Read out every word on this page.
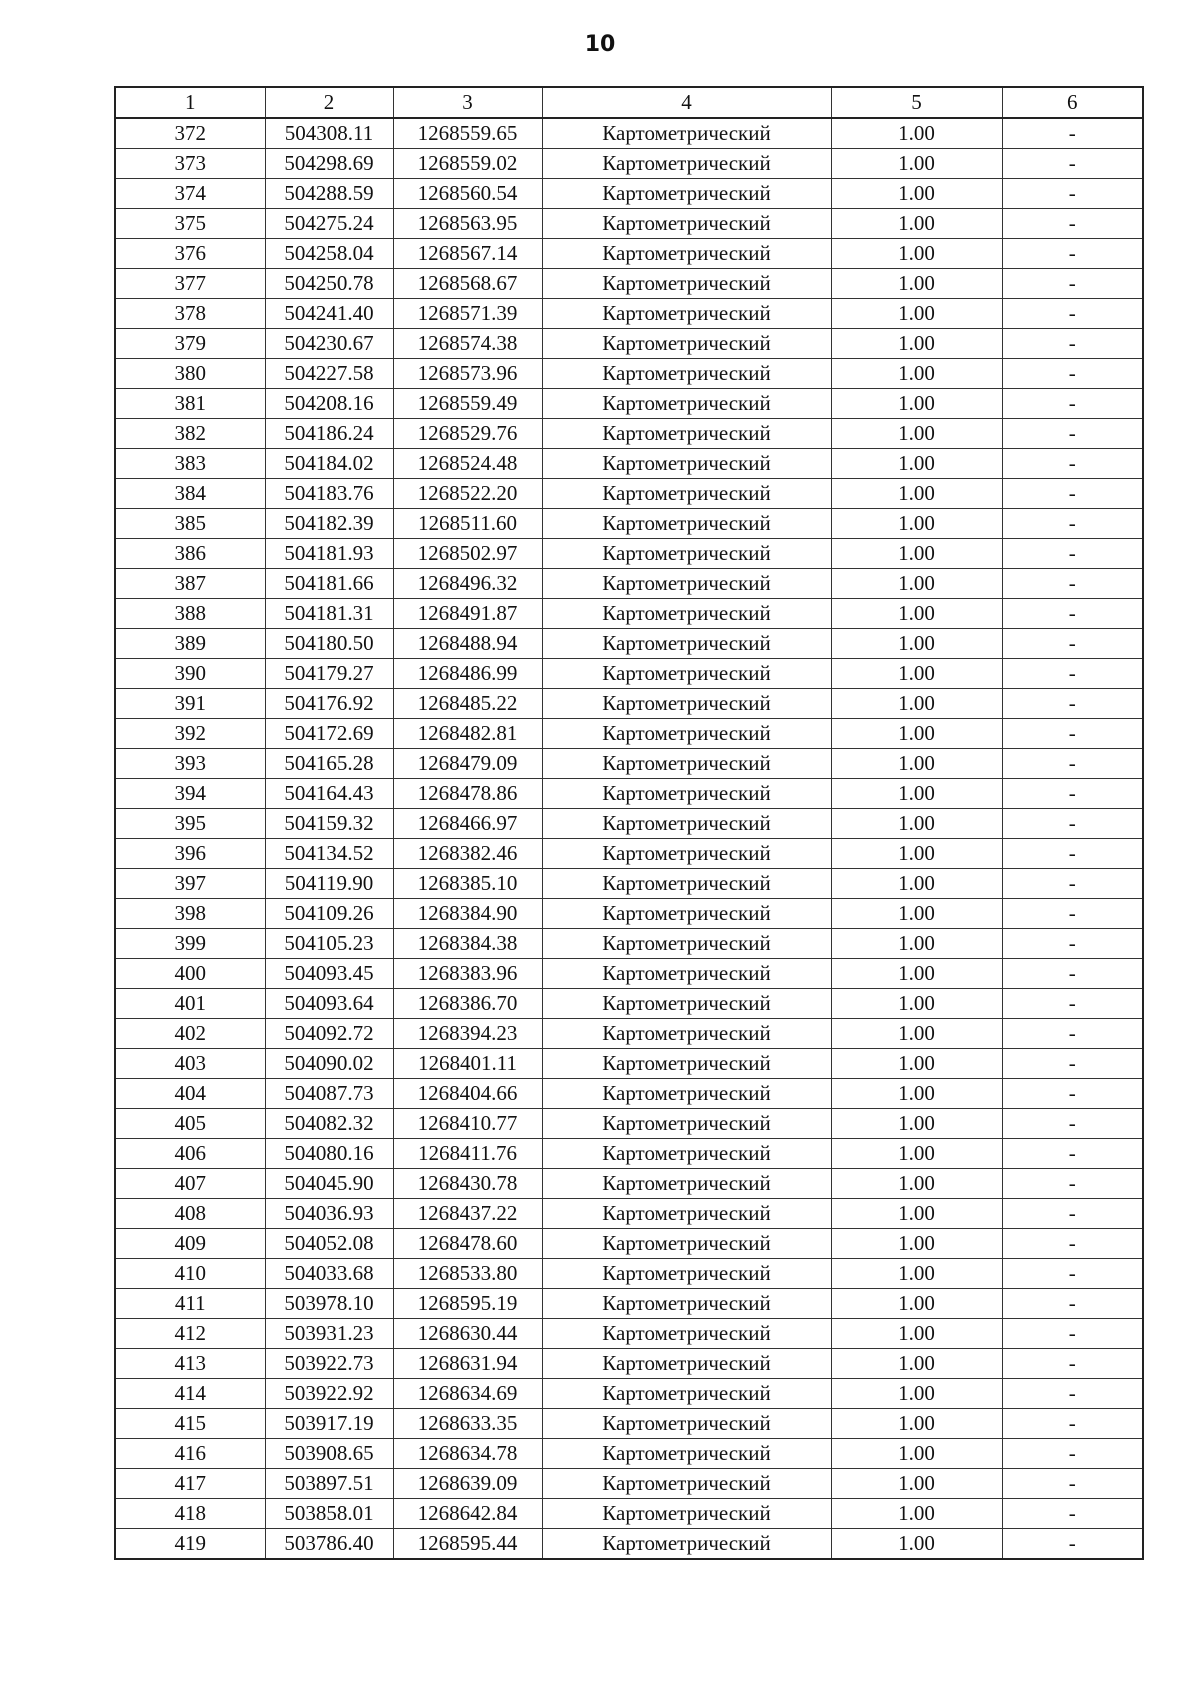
10
1	2	3	4	5	6
372	504308.11	1268559.65	Картометрический	1.00	-
373	504298.69	1268559.02	Картометрический	1.00	-
374	504288.59	1268560.54	Картометрический	1.00	-
375	504275.24	1268563.95	Картометрический	1.00	-
376	504258.04	1268567.14	Картометрический	1.00	-
377	504250.78	1268568.67	Картометрический	1.00	-
378	504241.40	1268571.39	Картометрический	1.00	-
379	504230.67	1268574.38	Картометрический	1.00	-
380	504227.58	1268573.96	Картометрический	1.00	-
381	504208.16	1268559.49	Картометрический	1.00	-
382	504186.24	1268529.76	Картометрический	1.00	-
383	504184.02	1268524.48	Картометрический	1.00	-
384	504183.76	1268522.20	Картометрический	1.00	-
385	504182.39	1268511.60	Картометрический	1.00	-
386	504181.93	1268502.97	Картометрический	1.00	-
387	504181.66	1268496.32	Картометрический	1.00	-
388	504181.31	1268491.87	Картометрический	1.00	-
389	504180.50	1268488.94	Картометрический	1.00	-
390	504179.27	1268486.99	Картометрический	1.00	-
391	504176.92	1268485.22	Картометрический	1.00	-
392	504172.69	1268482.81	Картометрический	1.00	-
393	504165.28	1268479.09	Картометрический	1.00	-
394	504164.43	1268478.86	Картометрический	1.00	-
395	504159.32	1268466.97	Картометрический	1.00	-
396	504134.52	1268382.46	Картометрический	1.00	-
397	504119.90	1268385.10	Картометрический	1.00	-
398	504109.26	1268384.90	Картометрический	1.00	-
399	504105.23	1268384.38	Картометрический	1.00	-
400	504093.45	1268383.96	Картометрический	1.00	-
401	504093.64	1268386.70	Картометрический	1.00	-
402	504092.72	1268394.23	Картометрический	1.00	-
403	504090.02	1268401.11	Картометрический	1.00	-
404	504087.73	1268404.66	Картометрический	1.00	-
405	504082.32	1268410.77	Картометрический	1.00	-
406	504080.16	1268411.76	Картометрический	1.00	-
407	504045.90	1268430.78	Картометрический	1.00	-
408	504036.93	1268437.22	Картометрический	1.00	-
409	504052.08	1268478.60	Картометрический	1.00	-
410	504033.68	1268533.80	Картометрический	1.00	-
411	503978.10	1268595.19	Картометрический	1.00	-
412	503931.23	1268630.44	Картометрический	1.00	-
413	503922.73	1268631.94	Картометрический	1.00	-
414	503922.92	1268634.69	Картометрический	1.00	-
415	503917.19	1268633.35	Картометрический	1.00	-
416	503908.65	1268634.78	Картометрический	1.00	-
417	503897.51	1268639.09	Картометрический	1.00	-
418	503858.01	1268642.84	Картометрический	1.00	-
419	503786.40	1268595.44	Картометрический	1.00	-
